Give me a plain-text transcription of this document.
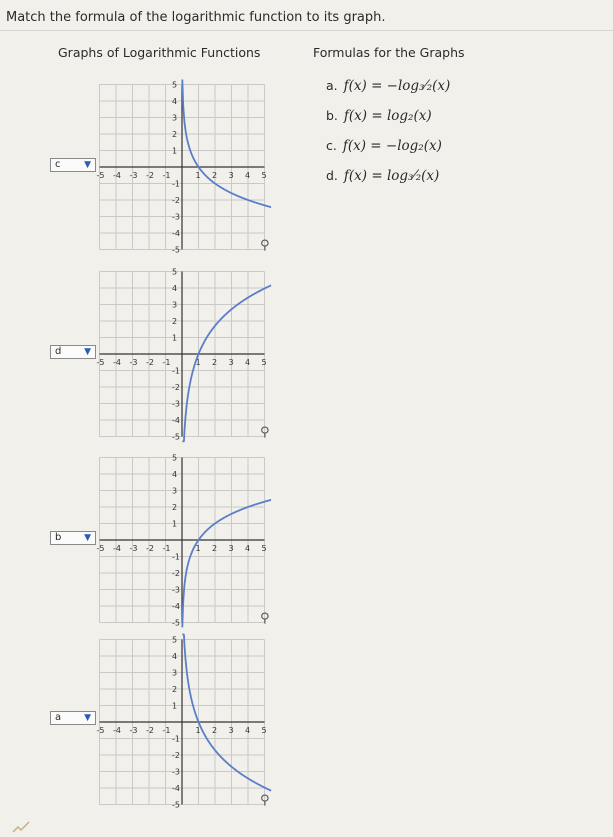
Match the formula of the logarithmic function to its graph.
Graphs of Logarithmic Functions	Formulas for the Graphs
a. f(x) = −log₃⁄₂(x)
b. f(x) = log₂(x)
c. f(x) = −log₂(x)
d. f(x) = log₃⁄₂(x)
-5
-5
-4
-4
-3
-3
-2
-2
-1
-1
1
1
2
2
3
3
4
4
5
5
c	▼
⚲
-5
-5
-4
-4
-3
-3
-2
-2
-1
-1
1
1
2
2
3
3
4
4
5
5
d	▼
⚲
-5
-5
-4
-4
-3
-3
-2
-2
-1
-1
1
1
2
2
3
3
4
4
5
5
b	▼
⚲
-5
-5
-4
-4
-3
-3
-2
-2
-1
-1
1
1
2
2
3
3
4
4
5
5
a	▼
⚲
